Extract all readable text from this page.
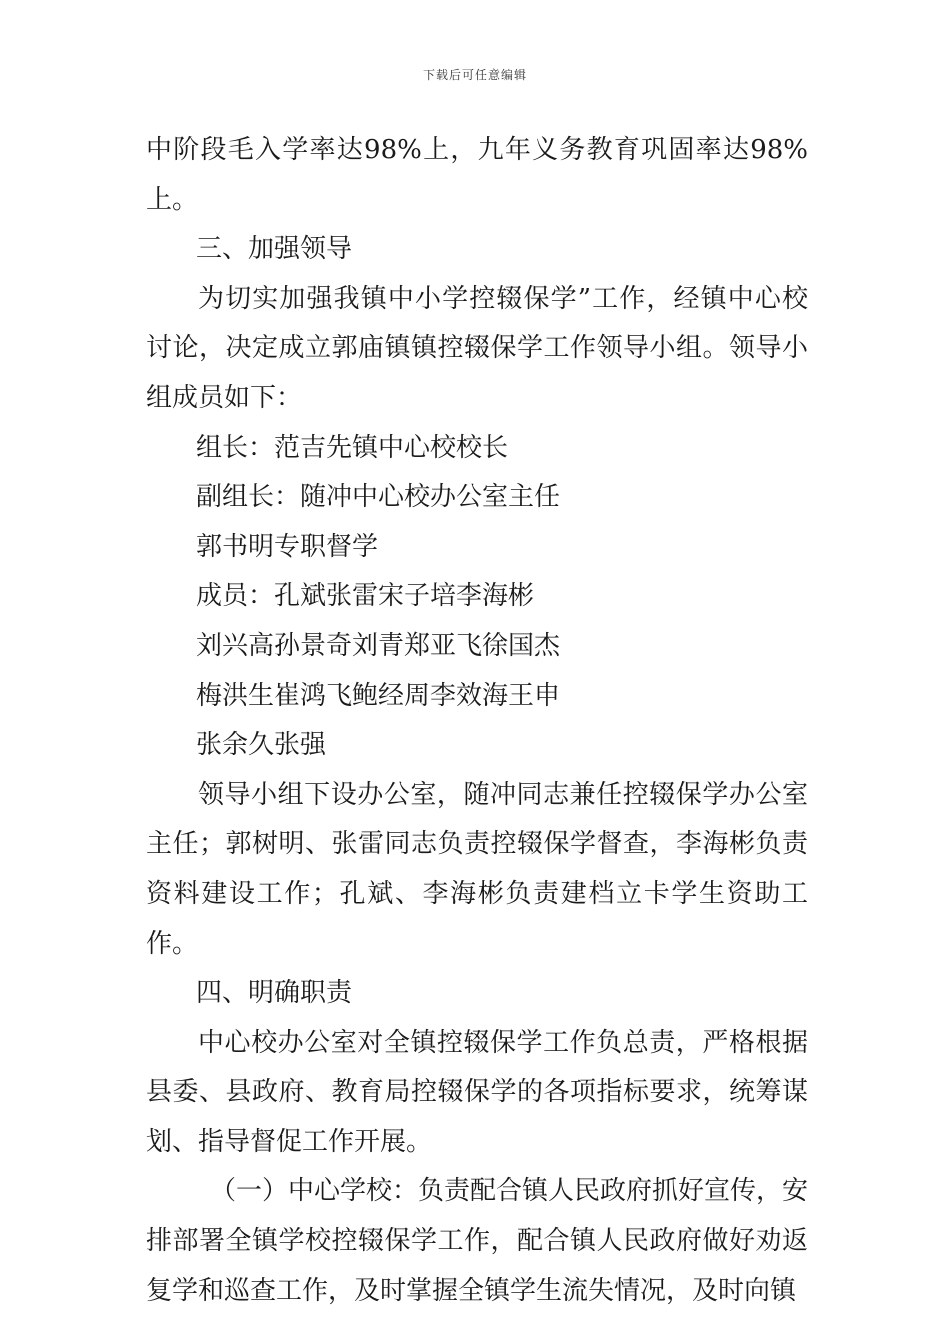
下载后可任意编辑

中阶段毛入学率达98%上，九年义务教育巩固率达98%上。

三、加强领导

为切实加强我镇中小学控辍保学”工作，经镇中心校讨论，决定成立郭庙镇镇控辍保学工作领导小组。领导小组成员如下：

组长：范吉先镇中心校校长

副组长：随冲中心校办公室主任

郭书明专职督学

成员：孔斌张雷宋子培李海彬

刘兴高孙景奇刘青郑亚飞徐国杰

梅洪生崔鸿飞鲍经周李效海王申

张余久张强

领导小组下设办公室，随冲同志兼任控辍保学办公室主任；郭树明、张雷同志负责控辍保学督查，李海彬负责资料建设工作；孔斌、李海彬负责建档立卡学生资助工作。

四、明确职责

中心校办公室对全镇控辍保学工作负总责，严格根据县委、县政府、教育局控辍保学的各项指标要求，统筹谋划、指导督促工作开展。

（一）中心学校：负责配合镇人民政府抓好宣传，安排部署全镇学校控辍保学工作，配合镇人民政府做好劝返复学和巡查工作，及时掌握全镇学生流失情况，及时向镇
